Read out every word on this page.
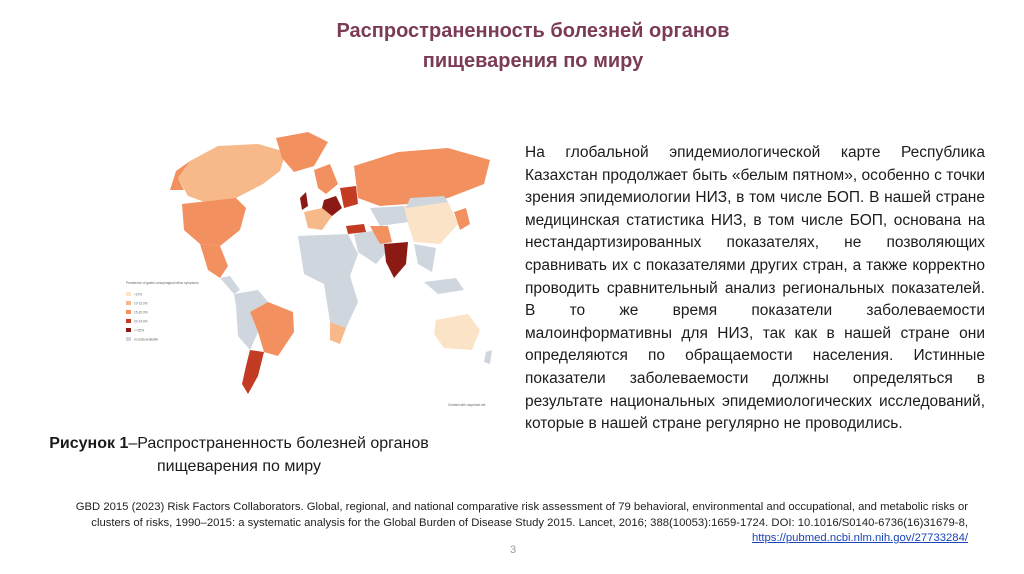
Распространенность болезней органов
пищеварения по миру
Prevalence of gastro-oesophageal reflux symptoms
<10%
10-15.0%
15-20.0%
20-24.9%
>=25%
no data available
Created with mapchart.net
На глобальной эпидемиологической карте Республика Казахстан продолжает быть «белым пятном», особенно с точки зрения эпидемиологии НИЗ, в том числе БОП. В нашей стране медицинская статистика НИЗ, в том числе БОП, основана на нестандартизированных показателях, не позволяющих сравнивать их с показателями других стран, а также корректно проводить сравнительный анализ региональных показателей. В то же время показатели заболеваемости малоинформативны для НИЗ, так как в нашей стране они определяются по обращаемости населения. Истинные показатели заболеваемости должны определяться в результате национальных эпидемиологических исследований, которые в нашей стране регулярно не проводились.
Рисунок 1–Распространенность болезней органов пищеварения по миру
GBD 2015 (2023) Risk Factors Collaborators. Global, regional, and national comparative risk assessment of 79 behavioral, environmental and occupational, and metabolic risks or clusters of risks, 1990–2015: a systematic analysis for the Global Burden of Disease Study 2015. Lancet, 2016; 388(10053):1659-1724. DOI: 10.1016/S0140-6736(16)31679-8, https://pubmed.ncbi.nlm.nih.gov/27733284/
3
